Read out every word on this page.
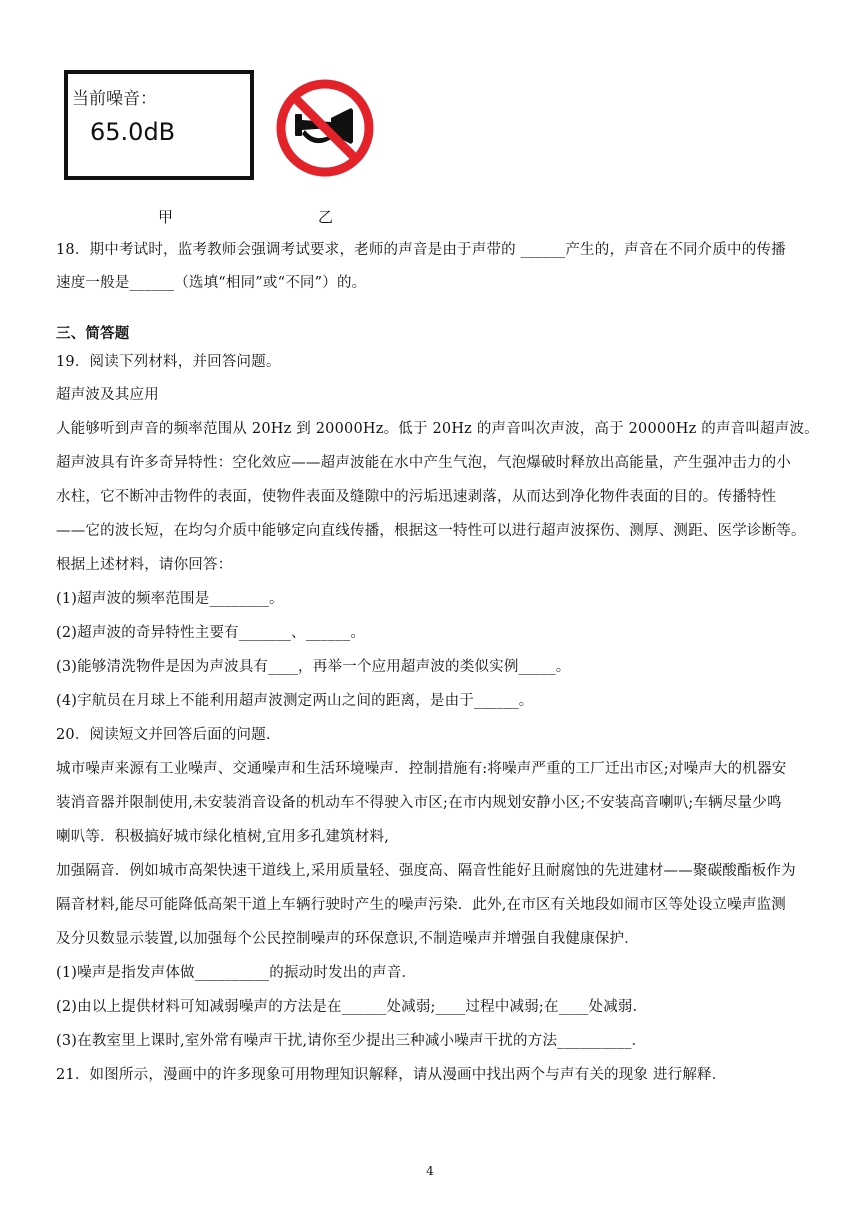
当前噪音：
65.0dB
甲	乙
18．期中考试时，监考教师会强调考试要求，老师的声音是由于声带的 ______产生的，声音在不同介质中的传播
速度一般是______（选填“相同”或“不同”）的。
三、简答题
19．阅读下列材料，并回答问题。
超声波及其应用
人能够听到声音的频率范围从 20Hz 到 20000Hz。低于 20Hz 的声音叫次声波，高于 20000Hz 的声音叫超声波。
超声波具有许多奇异特性：空化效应——超声波能在水中产生气泡，气泡爆破时释放出高能量，产生强冲击力的小
水柱，它不断冲击物件的表面，使物件表面及缝隙中的污垢迅速剥落，从而达到净化物件表面的目的。传播特性
——它的波长短，在均匀介质中能够定向直线传播，根据这一特性可以进行超声波探伤、测厚、测距、医学诊断等。
根据上述材料，请你回答：
(1)超声波的频率范围是________。
(2)超声波的奇异特性主要有_______、______。
(3)能够清洗物件是因为声波具有____，再举一个应用超声波的类似实例_____。
(4)宇航员在月球上不能利用超声波测定两山之间的距离，是由于______。
20．阅读短文并回答后面的问题．
城市噪声来源有工业噪声、交通噪声和生活环境噪声．控制措施有:将噪声严重的工厂迁出市区;对噪声大的机器安
装消音器并限制使用,未安装消音设备的机动车不得驶入市区;在市内规划安静小区;不安装高音喇叭;车辆尽量少鸣
喇叭等．积极搞好城市绿化植树,宜用多孔建筑材料,
加强隔音．例如城市高架快速干道线上,采用质量轻、强度高、隔音性能好且耐腐蚀的先进建材——聚碳酸酯板作为
隔音材料,能尽可能降低高架干道上车辆行驶时产生的噪声污染．此外,在市区有关地段如闹市区等处设立噪声监测
及分贝数显示装置,以加强每个公民控制噪声的环保意识,不制造噪声并增强自我健康保护．
(1)噪声是指发声体做__________的振动时发出的声音．
(2)由以上提供材料可知减弱噪声的方法是在______处减弱;____过程中减弱;在____处减弱．
(3)在教室里上课时,室外常有噪声干扰,请你至少提出三种减小噪声干扰的方法__________．
21．如图所示，漫画中的许多现象可用物理知识解释，请从漫画中找出两个与声有关的现象 进行解释．
4
